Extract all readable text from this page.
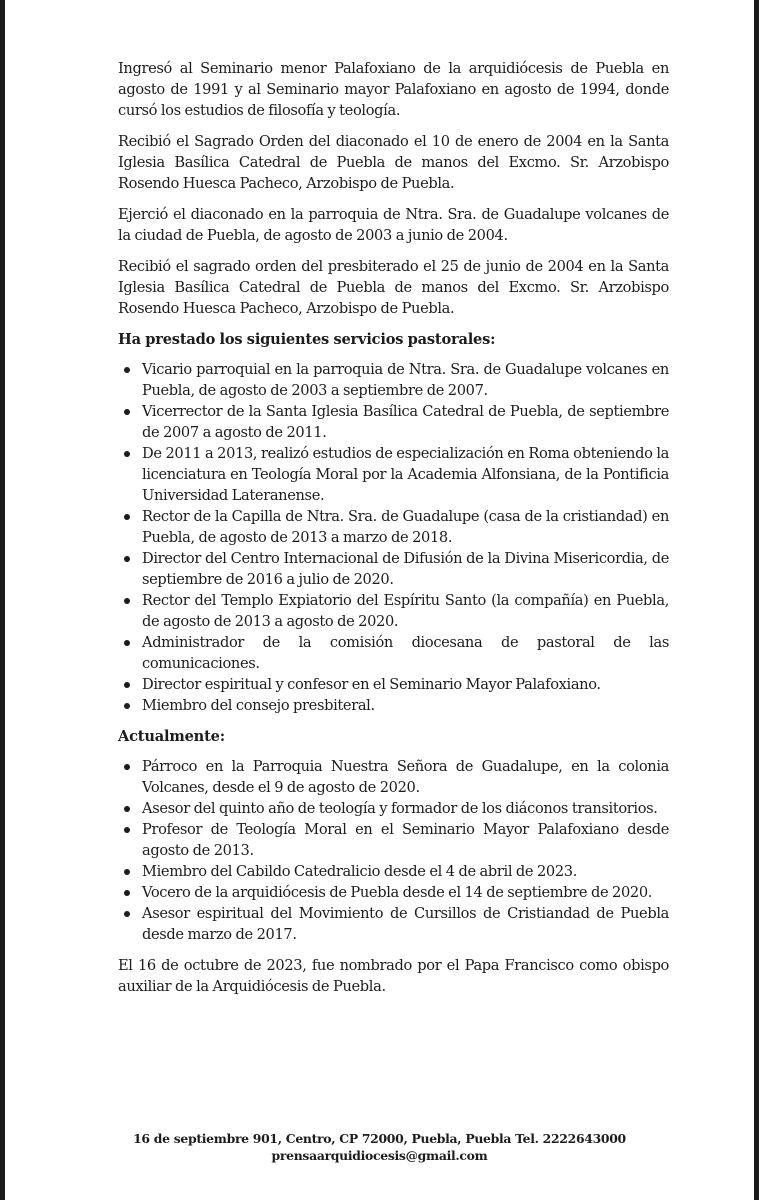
Ingresó al Seminario menor Palafoxiano de la arquidiócesis de Puebla en agosto de 1991 y al Seminario mayor Palafoxiano en agosto de 1994, donde cursó los estudios de filosofía y teología.

Recibió el Sagrado Orden del diaconado el 10 de enero de 2004 en la Santa Iglesia Basílica Catedral de Puebla de manos del Excmo. Sr. Arzobispo Rosendo Huesca Pacheco, Arzobispo de Puebla.

Ejerció el diaconado en la parroquia de Ntra. Sra. de Guadalupe volcanes de la ciudad de Puebla, de agosto de 2003 a junio de 2004.

Recibió el sagrado orden del presbiterado el 25 de junio de 2004 en la Santa Iglesia Basílica Catedral de Puebla de manos del Excmo. Sr. Arzobispo Rosendo Huesca Pacheco, Arzobispo de Puebla.

Ha prestado los siguientes servicios pastorales:

Vicario parroquial en la parroquia de Ntra. Sra. de Guadalupe volcanes en Puebla, de agosto de 2003 a septiembre de 2007.
Vicerrector de la Santa Iglesia Basílica Catedral de Puebla, de septiembre de 2007 a agosto de 2011.
De 2011 a 2013, realizó estudios de especialización en Roma obteniendo la licenciatura en Teología Moral por la Academia Alfonsiana, de la Pontificia Universidad Lateranense.
Rector de la Capilla de Ntra. Sra. de Guadalupe (casa de la cristiandad) en Puebla, de agosto de 2013 a marzo de 2018.
Director del Centro Internacional de Difusión de la Divina Misericordia, de septiembre de 2016 a julio de 2020.
Rector del Templo Expiatorio del Espíritu Santo (la compañía) en Puebla, de agosto de 2013 a agosto de 2020.
Administrador de la comisión diocesana de pastoral de las comunicaciones.
Director espiritual y confesor en el Seminario Mayor Palafoxiano.
Miembro del consejo presbiteral.

Actualmente:

Párroco en la Parroquia Nuestra Señora de Guadalupe, en la colonia Volcanes, desde el 9 de agosto de 2020.
Asesor del quinto año de teología y formador de los diáconos transitorios.
Profesor de Teología Moral en el Seminario Mayor Palafoxiano desde agosto de 2013.
Miembro del Cabildo Catedralicio desde el 4 de abril de 2023.
Vocero de la arquidiócesis de Puebla desde el 14 de septiembre de 2020.
Asesor espiritual del Movimiento de Cursillos de Cristiandad de Puebla desde marzo de 2017.

El 16 de octubre de 2023, fue nombrado por el Papa Francisco como obispo auxiliar de la Arquidiócesis de Puebla.

16 de septiembre 901, Centro, CP 72000, Puebla, Puebla Tel. 2222643000
prensaarquidiocesis@gmail.com
